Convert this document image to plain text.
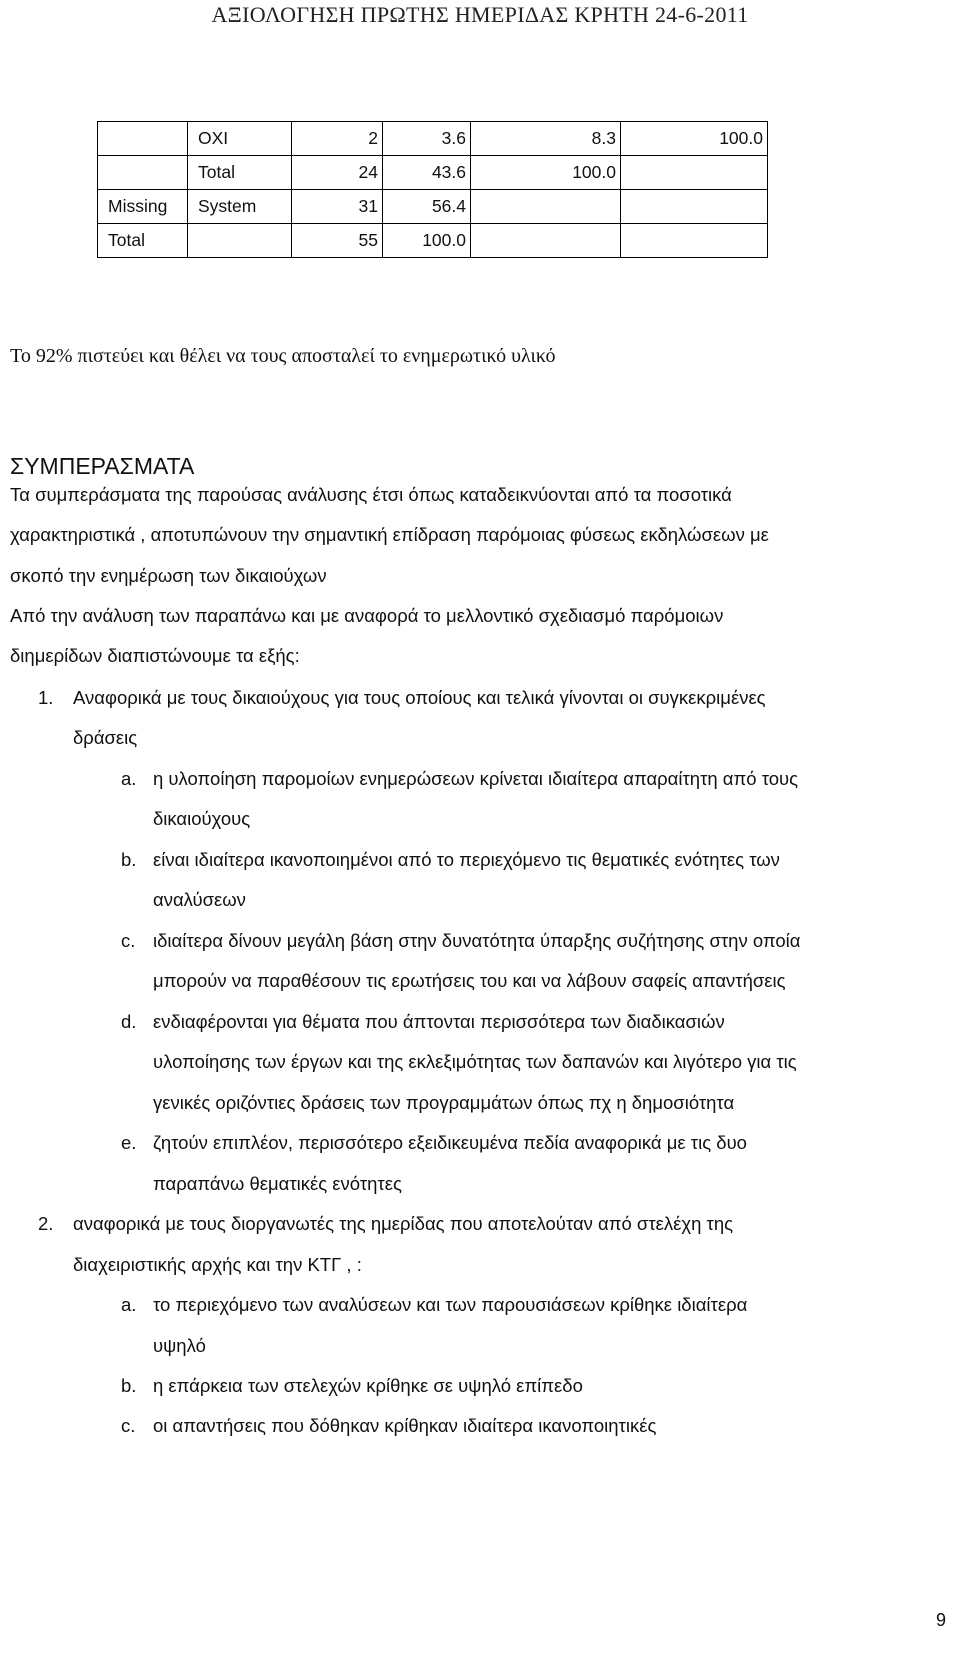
ΑΞΙΟΛΟΓΗΣΗ ΠΡΩΤΗΣ ΗΜΕΡΙΔΑΣ ΚΡΗΤΗ 24-6-2011
	ΟΧΙ	2	3.6	8.3	100.0
	Total	24	43.6	100.0	
Missing	System	31	56.4		
Total		55	100.0		
Το 92% πιστεύει και θέλει να τους αποσταλεί το ενημερωτικό υλικό
ΣΥΜΠΕΡΑΣΜΑΤΑ
Τα συμπεράσματα της παρούσας ανάλυσης έτσι όπως καταδεικνύονται από τα ποσοτικά
χαρακτηριστικά , αποτυπώνουν την σημαντική επίδραση παρόμοιας φύσεως εκδηλώσεων με
σκοπό την ενημέρωση των δικαιούχων
Από την ανάλυση των παραπάνω και με αναφορά το μελλοντικό σχεδιασμό παρόμοιων
διημερίδων διαπιστώνουμε τα εξής:
1. Αναφορικά με τους δικαιούχους για τους οποίους και τελικά γίνονται οι συγκεκριμένες
δράσεις
a. η υλοποίηση παρομοίων ενημερώσεων κρίνεται ιδιαίτερα απαραίτητη από τους
δικαιούχους
b. είναι ιδιαίτερα ικανοποιημένοι από το περιεχόμενο τις θεματικές ενότητες των
αναλύσεων
c. ιδιαίτερα δίνουν μεγάλη βάση στην δυνατότητα ύπαρξης συζήτησης στην οποία
μπορούν να παραθέσουν τις ερωτήσεις του και να λάβουν σαφείς απαντήσεις
d. ενδιαφέρονται για θέματα που άπτονται περισσότερα των διαδικασιών
υλοποίησης των έργων και της εκλεξιμότητας των δαπανών και λιγότερο για τις
γενικές οριζόντιες δράσεις των προγραμμάτων όπως πχ η δημοσιότητα
e. ζητούν επιπλέον, περισσότερο εξειδικευμένα πεδία αναφορικά με τις δυο
παραπάνω θεματικές ενότητες
2. αναφορικά με τους διοργανωτές της ημερίδας που αποτελούταν από στελέχη της
διαχειριστικής αρχής και την ΚΤΓ , :
a. το περιεχόμενο των αναλύσεων και των παρουσιάσεων κρίθηκε ιδιαίτερα
υψηλό
b. η επάρκεια των στελεχών κρίθηκε σε υψηλό επίπεδο
c. οι απαντήσεις που δόθηκαν κρίθηκαν ιδιαίτερα ικανοποιητικές
9
